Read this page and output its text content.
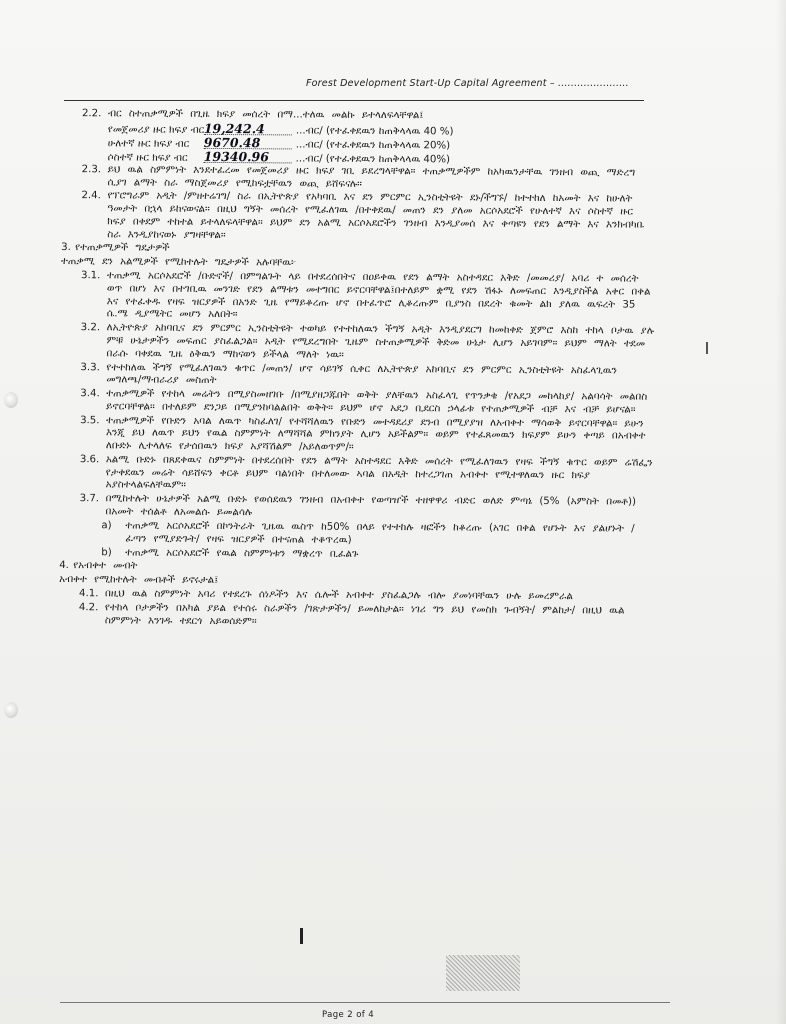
Forest Development Start-Up Capital Agreement – ......................
2.2. ብር ስተጠቃሚዎች በጊዜ ክፍያ መሰረት በማ...ተለዉ መልኩ ይተላለፍላቸዋል፤
የመጀመሪያ ዙር ክፍያ ብር19,242.4	...ብር/ (የተፈቀደዉን ከጠቅላላዉ 40 %)
ሁለተኛ ዙር ክፍያ ብር 9670.48	...ብር/ (የተፈቀደዉን ከጠቅላላዉ 20%)
ሶስተኛ ዙር ክፍያ ብር 19340.96	...ብር/ (የተፈቀደዉን ከጠቅላላዉ 40%)
2.3. ይህ ዉል ስምምነት እንደተፈረመ የመጀመሪያ ዙር ክፍያ ገቢ ይደረግላቸዋል። ተጠቃሚዎችም ከአካዉንታቸዉ ገንዘብ ወጪ ማድረግ ሲያገ ልማት ስራ ማስጀመሪያ የሚከፍቷቸዉን ወጪ ይሸፍናሉ።
2.4. የፕሮግራም አዲት /ምዘተሬገግ/ ስራ በኢትዮጵያ የአካባቢ እና ደን ምርምር ኢንስቲትዩት ደኑ/ችግኙ/ ከተተከለ ከአመት እና ከሁለት ዓመታት በኋላ ይከናወናል። በዚህ ግኝት መሰረት የሚፈለገዉ /በተቀደዉ/ መጠን ደን ያለመ አርሶአደሮች የሁለተኛ እና ሶስተኛ ዙር ክፍያ በቀደም ተከተል ይተላለፍላቸዋል። ይህም ደን አልሚ አርሶአደሮችን ገንዘብ እንዲያመሰ እና ቀጣዩን የደን ልማት እና እንክብካቤ ስራ እንዲያከናወኑ ያግዛቸዋል።
3. የተጠቃሚዎች ግዴታዎች
ተጠቃሚ ደን አልሚዎች የሚከተሉት ግዴታዎች አሉባቸዉ፦
3.1. ተጠቃሚ አርሶአደሮች /ቡድኖች/ በምግልጉት ላይ በተደረሰበትና በዐይቀዉ የደን ልማት አስተዳደር እቅድ /መመሪያ/ አባሪ ተ መሰረት ወጥ በሆነ እና በተገቢዉ መንገድ የደን ልማቱን መተግበር ይኖርባቸዋል፤በተለይም ቋሚ የደን ሽፋኑ ለመፍጠር እንዲያስችል አቀር በቀል እና የተፈቀዱ የዛፍ ዝርያዎች በአንድ ጊዜ የማይቆረጡ ሆኖ በተፈጥሮ ሊቆረጡም ቢያንስ በደረት ቁመት ልክ ያለዉ ዉፍረት 35 ሴ.ሜ ዲያሜትር መሆን አለበት።
3.2. ለኢትዮጵያ አከባቢና ደን ምርምር ኢንስቲትዩት ተወካይ የተተከለዉን ችግኝ አዲት እንዲያደርግ ከመከቀድ ጀምሮ እስከ ተከላ ቦታዉ ያሉ ምቹ ሁኔታዎችን መፍጠር ያስፈልጋል። አዲት የሚደረግበት ጊዜም ስተጠቃሚዎች ቅድመ ሁኔታ ሊሆን አይገባም። ይህም ማለት ተደመ በራሱ ባቀደዉ ጊዜ ዕቅዉን ማከናወን ይችላል ማለት ነዉ።
3.3. የተተከለዉ ችግኝ የሚፈለገዉን ቁጥር /መጠን/ ሆኖ ሳይገኝ ሲቀር ለኢትዮጵያ አከባቢና ደን ምርምር ኢንስቲትዩት አስፈላጊዉን መግለጫ/ማብራሪያ መስጠት
3.4. ተጠቃሚዎች የተከላ መሬትን በሚያስመዘገቡ /በሚያዘጋጁበት ወቅት ያለቸዉን አስፈላጊ የጥንቃቄ /የአደጋ መከላከያ/ አልባሳት መልበስ ይኖርባቸዋል። በተለይም ደንጋይ በሚያንከባልልበት ወቅት። ይህም ሆኖ አደጋ ቢደርስ ኃላፊቱ የተጠቃሚዎች ብቻ እና ብቻ ይሆናል።
3.5. ተጠቃሚዎች የቡድን አባል ለዉጥ ካስፈለገ/ የተሻሻለዉን የቡድን መተዳደሪያ ደንብ በሚያያዝ ለአብቀተ ማሳወቅ ይኖርባቸዋል። ይሁን እንጂ ይህ ለዉጥ ይህን የዉል ስምምነት ለማሻሻል ምክንያት ሊሆን አይችልም። ወይም የተፈጸመዉን ክፍያም ይሁን ቀጣይ በአብቀተ ለቡድኑ ሊተላለፍ የታሰበዉን ክፍያ አያሻሽልም /አይለወጥም/።
3.6. አልሚ ቡድኑ በጸደቀዉና ስምምነት በተደረሰበት የደን ልማት አስተዳደር እቅድ መሰረት የሚፈለገዉን የዛፍ ችግኝ ቁጥር ወይም ሬሽፌን የታቀደዉን መሬት ሳይሸፍን ቀርቶ ይህም ባልነበት በተለመው ኣባል በአዲት ከተረጋገጠ አብቀተ የሚተዋለዉን ዙር ክፍያ አያስተላልፍለቸዉም።
3.7. በሚከተሉት ሁኔታዎች አልሚ ቡድኑ የወሰደዉን ገንዘብ በአብቀተ የወጣዠች ተዘዋዋሪ ብድር ወለድ ምጣኔ (5% (አምስት በመቶ)) በአመት ተሰልቶ ለአመልሱ ይመልሳሉ
a)	ተጠቃሚ አርሶአደሮች በኮንትራት ጊዜዉ ዉስጥ ከ50% በላይ የተተከሉ ዛፎችን ከቆረጡ (አገር በቀል የሆኑት እና ያልሆኑት /ፈጣን የሚያድጉት/ የዛፍ ዝርያዎች በተናጠል ተቆጥረዉ)
b)	ተጠቃሚ አርሶአደሮች የዉል ስምምነቱን ማቋረጥ ቢፈልጉ
4. የአብቀተ መብት
አብቀተ የሚከተሉት መብቶች ይኖሩታል፤
4.1. በዚህ ዉል ስምምነት አባሪ የተደረጉ ሰነዶችን እና ሴሎች አብቀተ ያስፈልጋሉ ብሎ ያመነባቸዉን ሁሉ ይመረምራል
4.2. የተከላ ቦታዎችን በአካል ያይል የተሰሩ ስራዎችን /ገጽታዎችን/ ይመለከታል። ነገሪ ግን ይህ የመስክ ጉብኝት/ ምልከታ/ በዚህ ዉል ስምምነት እንገዱ ተደርጎ አይወሰድም።
Page 2 of 4
